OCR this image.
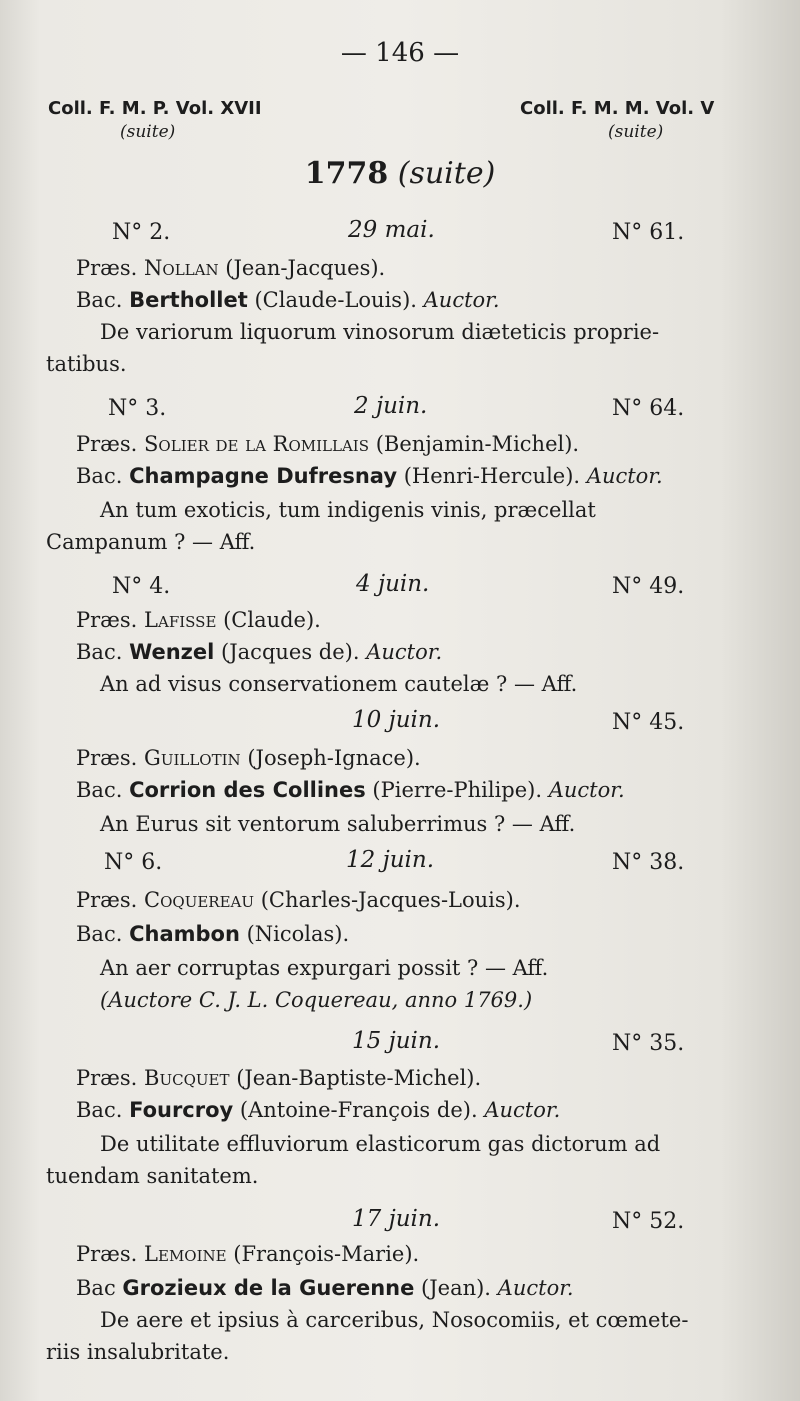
— 146 —
Coll. F. M. P. Vol. XVII
(suite)
Coll. F. M. M. Vol. V
(suite)
1778 (suite)
N° 2.	29 mai.	N° 61.
Præs. Nollan (Jean-Jacques).
Bac. Berthollet (Claude-Louis). Auctor.
De variorum liquorum vinosorum diæteticis proprie-
tatibus.
N° 3.	2 juin.	N° 64.
Præs. Solier de la Romillais (Benjamin-Michel).
Bac. Champagne Dufresnay (Henri-Hercule). Auctor.
An tum exoticis, tum indigenis vinis, præcellat
Campanum ? — Aff.
N° 4.	4 juin.	N° 49.
Præs. Lafisse (Claude).
Bac. Wenzel (Jacques de). Auctor.
An ad visus conservationem cautelæ ? — Aff.
10 juin.	N° 45.
Præs. Guillotin (Joseph-Ignace).
Bac. Corrion des Collines (Pierre-Philipe). Auctor.
An Eurus sit ventorum saluberrimus ? — Aff.
N° 6.	12 juin.	N° 38.
Præs. Coquereau (Charles-Jacques-Louis).
Bac. Chambon (Nicolas).
An aer corruptas expurgari possit ? — Aff.
(Auctore C. J. L. Coquereau, anno 1769.)
15 juin.	N° 35.
Præs. Bucquet (Jean-Baptiste-Michel).
Bac. Fourcroy (Antoine-François de). Auctor.
De utilitate effluviorum elasticorum gas dictorum ad
tuendam sanitatem.
17 juin.	N° 52.
Præs. Lemoine (François-Marie).
Bac Grozieux de la Guerenne (Jean). Auctor.
De aere et ipsius à carceribus, Nosocomiis, et cœmete-
riis insalubritate.
